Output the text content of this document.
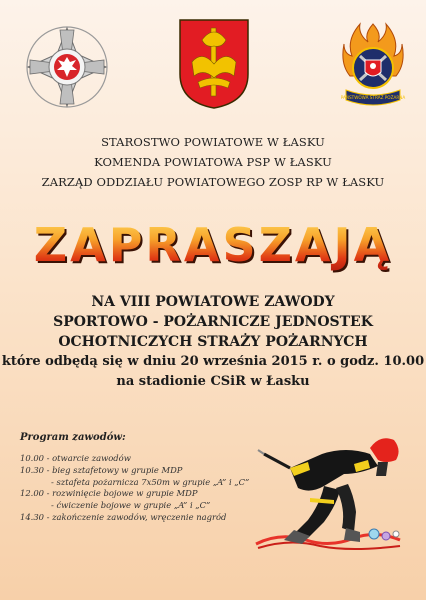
PAŃSTWOWA STRAŻ POŻARNA
STAROSTWO POWIATOWE W ŁASKU
KOMENDA POWIATOWA PSP W ŁASKU
ZARZĄD ODDZIAŁU POWIATOWEGO ZOSP RP W ŁASKU
ZAPRASZAJĄ
NA VIII POWIATOWE ZAWODY
SPORTOWO - POŻARNICZE JEDNOSTEK
OCHOTNICZYCH STRAŻY POŻARNYCH
które odbędą się w dniu 20 września 2015 r. o godz. 10.00
na stadionie CSiR w Łasku
Program zawodów:
10.00 - otwarcie zawodów
10.30 - bieg sztafetowy w grupie MDP
- sztafeta pożarnicza 7x50m w grupie „A” i „C”
12.00 - rozwinięcie bojowe w grupie MDP
- ćwiczenie bojowe w grupie „A” i „C”
14.30 - zakończenie zawodów, wręczenie nagród
